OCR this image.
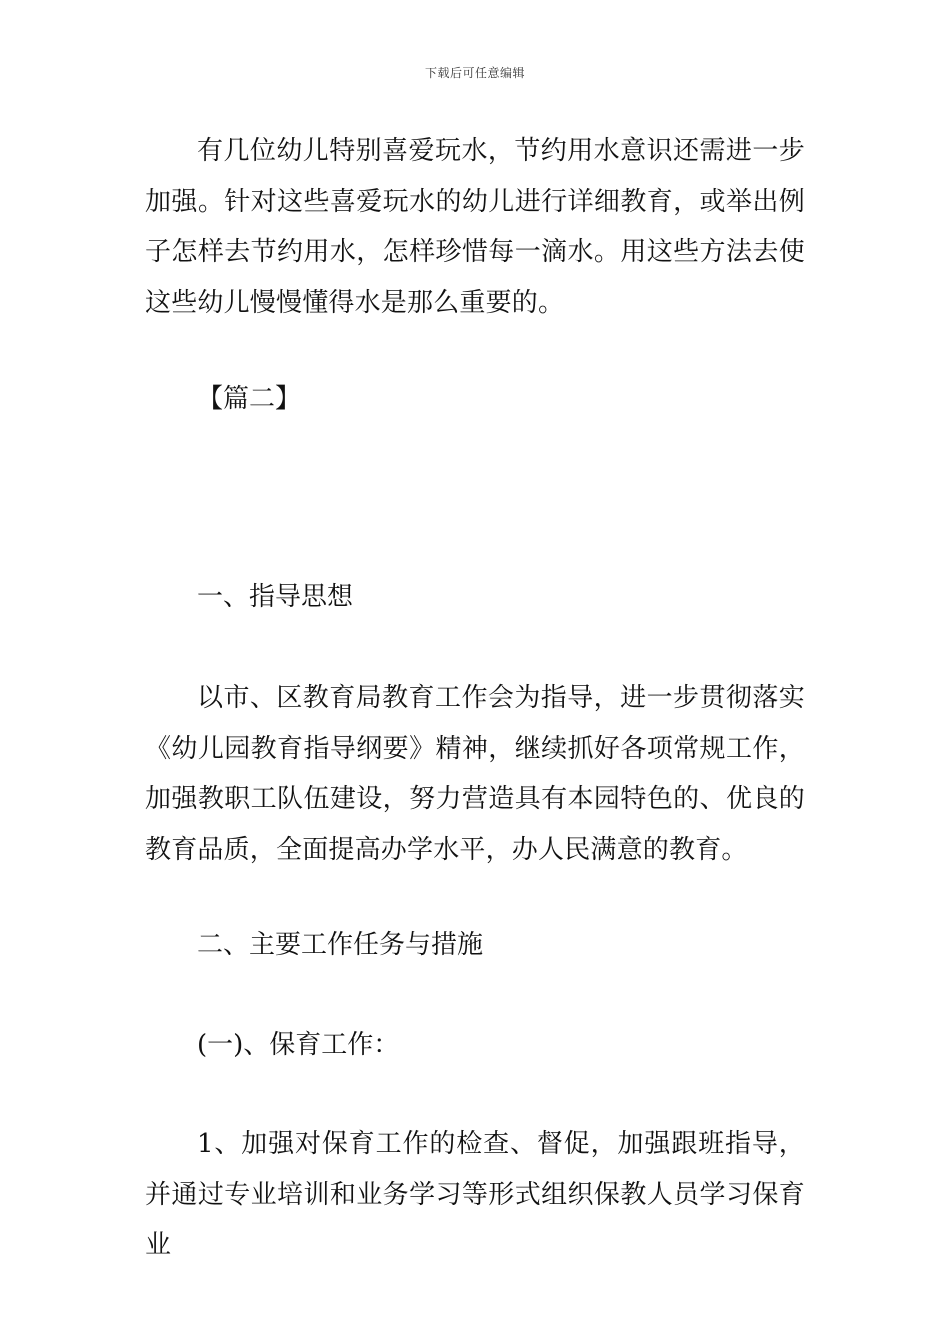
下载后可任意编辑

有几位幼儿特别喜爱玩水，节约用水意识还需进一步加强。针对这些喜爱玩水的幼儿进行详细教育，或举出例子怎样去节约用水，怎样珍惜每一滴水。用这些方法去使这些幼儿慢慢懂得水是那么重要的。

【篇二】

一、指导思想

以市、区教育局教育工作会为指导，进一步贯彻落实《幼儿园教育指导纲要》精神，继续抓好各项常规工作，加强教职工队伍建设，努力营造具有本园特色的、优良的教育品质，全面提高办学水平，办人民满意的教育。

二、主要工作任务与措施

(一)、保育工作：

1、加强对保育工作的检查、督促，加强跟班指导，并通过专业培训和业务学习等形式组织保教人员学习保育业
